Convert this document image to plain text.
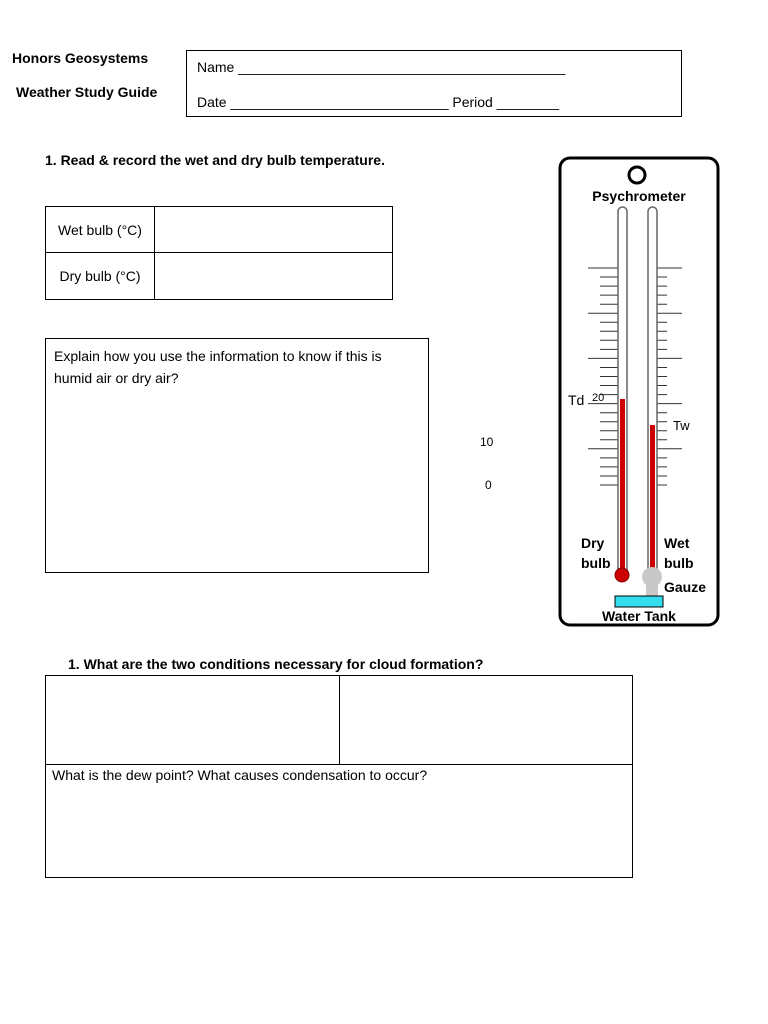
Honors Geosystems
Weather Study Guide
Name __________________________________________
Date ____________________________ Period ________
1. Read & record the wet and dry bulb temperature.
Wet bulb (°C)	
Dry bulb (°C)	
Explain how you use the information to know if this is humid air or dry air?
10
0
Psychrometer
Td 20
Tw
Dry
bulb
Wet
bulb
Gauze
Water Tank
1. What are the two conditions necessary for cloud formation?

What is the dew point? What causes condensation to occur?
